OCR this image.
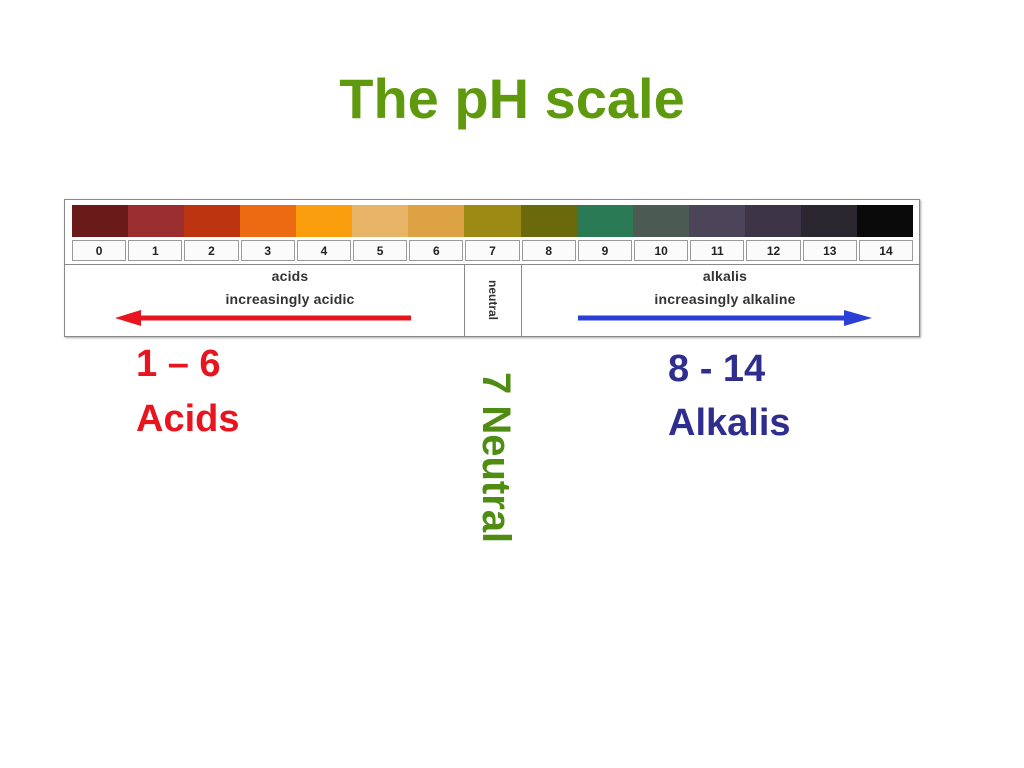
The pH scale
0	1	2	3	4	5	6	7	8	9	10	11	12	13	14
acids
increasingly acidic	neutral
alkalis
increasingly alkaline
1 – 6
Acids	7 Neutral
8 - 14
Alkalis
